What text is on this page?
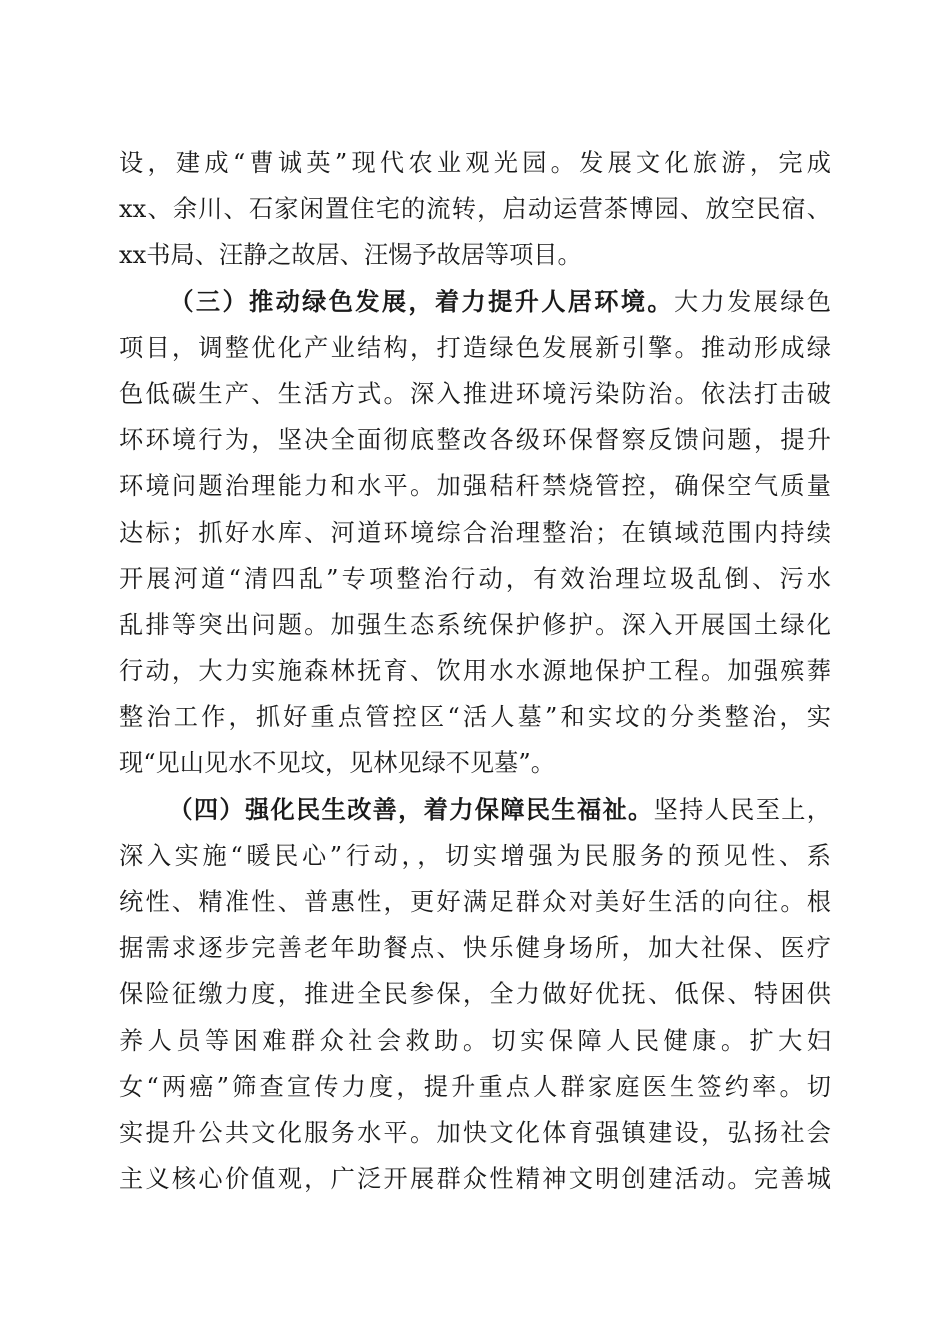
设，建成“曹诚英”现代农业观光园。发展文化旅游，完成
xx、余川、石家闲置住宅的流转，启动运营茶博园、放空民宿、
xx书局、汪静之故居、汪惕予故居等项目。
（三）推动绿色发展，着力提升人居环境。大力发展绿色
项目，调整优化产业结构，打造绿色发展新引擎。推动形成绿
色低碳生产、生活方式。深入推进环境污染防治。依法打击破
坏环境行为，坚决全面彻底整改各级环保督察反馈问题，提升
环境问题治理能力和水平。加强秸秆禁烧管控，确保空气质量
达标；抓好水库、河道环境综合治理整治；在镇域范围内持续
开展河道“清四乱”专项整治行动，有效治理垃圾乱倒、污水
乱排等突出问题。加强生态系统保护修护。深入开展国土绿化
行动，大力实施森林抚育、饮用水水源地保护工程。加强殡葬
整治工作，抓好重点管控区“活人墓”和实坟的分类整治，实
现“见山见水不见坟，见林见绿不见墓”。
（四）强化民生改善，着力保障民生福祉。坚持人民至上，
深入实施“暖民心”行动，，切实增强为民服务的预见性、系
统性、精准性、普惠性，更好满足群众对美好生活的向往。根
据需求逐步完善老年助餐点、快乐健身场所，加大社保、医疗
保险征缴力度，推进全民参保，全力做好优抚、低保、特困供
养人员等困难群众社会救助。切实保障人民健康。扩大妇
女“两癌”筛查宣传力度，提升重点人群家庭医生签约率。切
实提升公共文化服务水平。加快文化体育强镇建设，弘扬社会
主义核心价值观，广泛开展群众性精神文明创建活动。完善城
